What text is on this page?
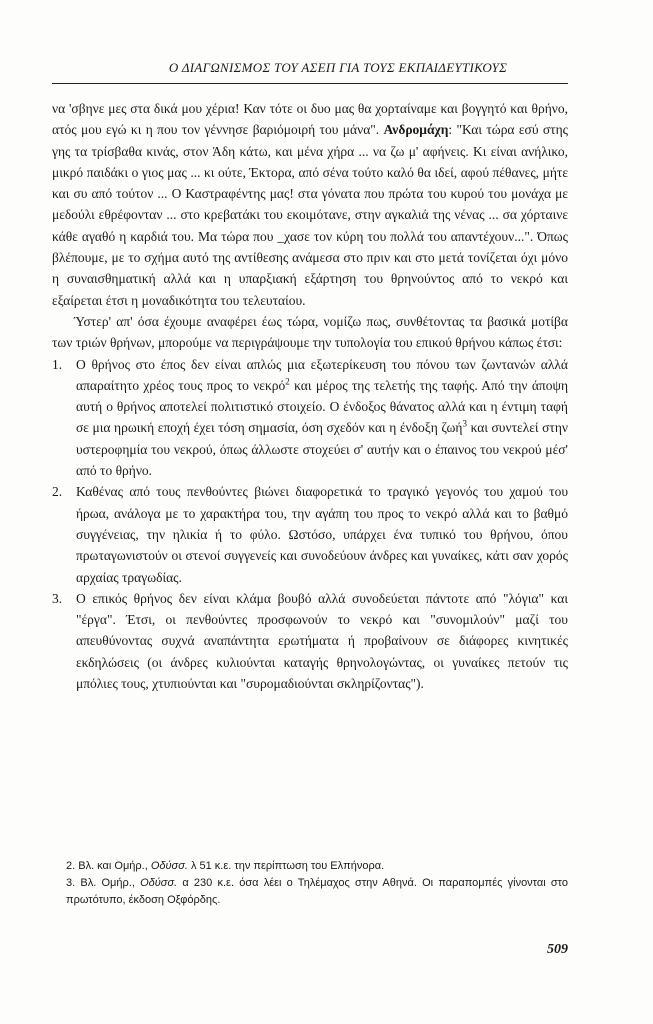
Ο ΔΙΑΓΩΝΙΣΜΟΣ ΤΟΥ ΑΣΕΠ ΓΙΑ ΤΟΥΣ ΕΚΠΑΙΔΕΥΤΙΚΟΥΣ

να 'σβηνε μες στα δικά μου χέρια! Καν τότε οι δυο μας θα χορταίναμε και βογγητό και θρήνο, ατός μου εγώ κι η που τον γέννησε βαριόμοιρή του μάνα". Ανδρομάχη: "Και τώρα εσύ στης γης τα τρίσβαθα κινάς, στον Άδη κάτω, και μένα χήρα ... να ζω μ' αφήνεις. Κι είναι ανήλικο, μικρό παιδάκι ο γιος μας ... κι ούτε, Έκτορα, από σένα τούτο καλό θα ιδεί, αφού πέθανες, μήτε και συ από τούτον ... Ο Καστραφέντης μας! στα γόνατα που πρώτα του κυρού του μονάχα με μεδούλι εθρέφονταν ... στο κρεβατάκι του εκοιμότανε, στην αγκαλιά της νένας ... σα χόρταινε κάθε αγαθό η καρδιά του. Μα τώρα που _χασε τον κύρη του πολλά του απαντέχουν...". Όπως βλέπουμε, με το σχήμα αυτό της αντίθεσης ανάμεσα στο πριν και στο μετά τονίζεται όχι μόνο η συναισθηματική αλλά και η υπαρξιακή εξάρτηση του θρηνούντος από το νεκρό και εξαίρεται έτσι η μοναδικότητα του τελευταίου.

Ύστερ' απ' όσα έχουμε αναφέρει έως τώρα, νομίζω πως, συνθέτοντας τα βασικά μοτίβα των τριών θρήνων, μπορούμε να περιγράψουμε την τυπολογία του επικού θρήνου κάπως έτσι:

1. Ο θρήνος στο έπος δεν είναι απλώς μια εξωτερίκευση του πόνου των ζωντανών αλλά απαραίτητο χρέος τους προς το νεκρό$^2$ και μέρος της τελετής της ταφής. Από την άποψη αυτή ο θρήνος αποτελεί πολιτιστικό στοιχείο. Ο ένδοξος θάνατος αλλά και η έντιμη ταφή σε μια ηρωική εποχή έχει τόση σημασία, όση σχεδόν και η ένδοξη ζωή$^3$ και συντελεί στην υστεροφημία του νεκρού, όπως άλλωστε στοχεύει σ' αυτήν και ο έπαινος του νεκρού μέσ' από το θρήνο.
2. Καθένας από τους πενθούντες βιώνει διαφορετικά το τραγικό γεγονός του χαμού του ήρωα, ανάλογα με το χαρακτήρα του, την αγάπη του προς το νεκρό αλλά και το βαθμό συγγένειας, την ηλικία ή το φύλο. Ωστόσο, υπάρχει ένα τυπικό του θρήνου, όπου πρωταγωνιστούν οι στενοί συγγενείς και συνοδεύουν άνδρες και γυναίκες, κάτι σαν χορός αρχαίας τραγωδίας.
3. Ο επικός θρήνος δεν είναι κλάμα βουβό αλλά συνοδεύεται πάντοτε από "λόγια" και "έργα". Έτσι, οι πενθούντες προσφωνούν το νεκρό και "συνομιλούν" μαζί του απευθύνοντας συχνά αναπάντητα ερωτήματα ή προβαίνουν σε διάφορες κινητικές εκδηλώσεις (οι άνδρες κυλιούνται καταγής θρηνολογώντας, οι γυναίκες πετούν τις μπόλιες τους, χτυπιούνται και "συρομαδιούνται σκληρίζοντας").

2. Βλ. και Ομήρ., Οδύσσ. λ 51 κ.ε. την περίπτωση του Ελπήνορα.

3. Βλ. Ομήρ., Οδύσσ. α 230 κ.ε. όσα λέει ο Τηλέμαχος στην Αθηνά. Οι παραπομπές γίνονται στο πρωτότυπο, έκδοση Οξφόρδης.

509
